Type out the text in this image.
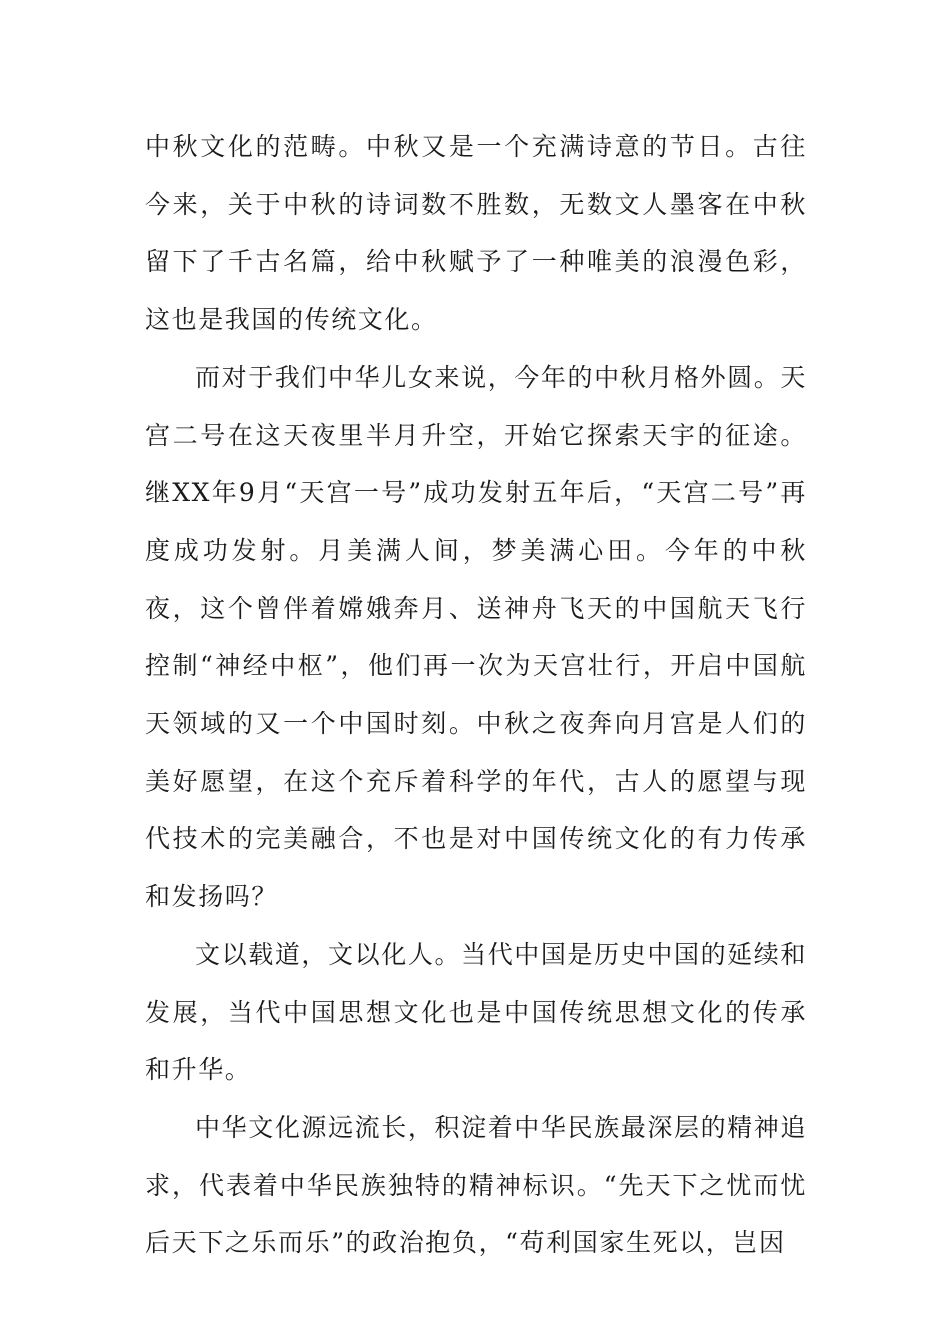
中秋文化的范畴。中秋又是一个充满诗意的节日。古往今来，关于中秋的诗词数不胜数，无数文人墨客在中秋留下了千古名篇，给中秋赋予了一种唯美的浪漫色彩，这也是我国的传统文化。

而对于我们中华儿女来说，今年的中秋月格外圆。天宫二号在这天夜里半月升空，开始它探索天宇的征途。继XX年9月“天宫一号”成功发射五年后，“天宫二号”再度成功发射。月美满人间，梦美满心田。今年的中秋夜，这个曾伴着嫦娥奔月、送神舟飞天的中国航天飞行控制“神经中枢”，他们再一次为天宫壮行，开启中国航天领域的又一个中国时刻。中秋之夜奔向月宫是人们的美好愿望，在这个充斥着科学的年代，古人的愿望与现代技术的完美融合，不也是对中国传统文化的有力传承和发扬吗？

文以载道，文以化人。当代中国是历史中国的延续和发展，当代中国思想文化也是中国传统思想文化的传承和升华。

中华文化源远流长，积淀着中华民族最深层的精神追求，代表着中华民族独特的精神标识。“先天下之忧而忧后天下之乐而乐”的政治抱负，“苟利国家生死以，岂因
